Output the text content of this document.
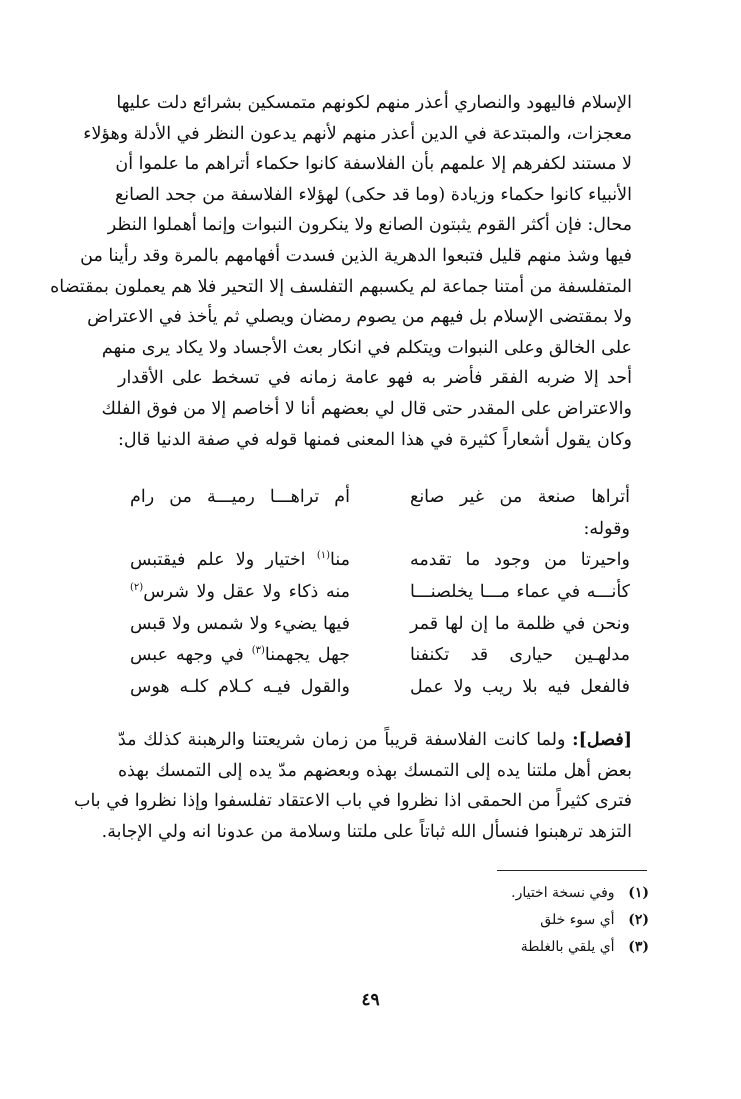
الإسلام فاليهود والنصاري أعذر منهم لكونهم متمسكين بشرائع دلت عليها
معجزات، والمبتدعة في الدين أعذر منهم لأنهم يدعون النظر في الأدلة وهؤلاء
لا مستند لكفرهم إلا علمهم بأن الفلاسفة كانوا حكماء أتراهم ما علموا أن
الأنبياء كانوا حكماء وزيادة (وما قد حكى) لهؤلاء الفلاسفة من جحد الصانع
محال: فإن أكثر القوم يثبتون الصانع ولا ينكرون النبوات وإنما أهملوا النظر
فيها وشذ منهم قليل فتبعوا الدهرية الذين فسدت أفهامهم بالمرة وقد رأينا من
المتفلسفة من أمتنا جماعة لم يكسبهم التفلسف إلا التحير فلا هم يعملون بمقتضاه
ولا بمقتضى الإسلام بل فيهم من يصوم رمضان ويصلي ثم يأخذ في الاعتراض
على الخالق وعلى النبوات ويتكلم في انكار بعث الأجساد ولا يكاد يرى منهم
أحد إلا ضربه الفقر فأضر به فهو عامة زمانه في تسخط على الأقدار
والاعتراض على المقدر حتى قال لي بعضهم أنا لا أخاصم إلا من فوق الفلك
وكان يقول أشعاراً كثيرة في هذا المعنى فمنها قوله في صفة الدنيا قال:
أتراها صنعة من غير صانع
أم تراهـــا رميـــة من رام
وقوله:
واحيرتا من وجود ما تقدمه
منا$^{(١)}$ اختيار ولا علم فيقتبس
كأنـــه في عماء مـــا يخلصنـــا
منه ذكاء ولا عقل ولا شرس$^{(٢)}$
ونحن في ظلمة ما إن لها قمر
فيها يضيء ولا شمس ولا قبس
مدلهـين حيارى قد تكنفنا
جهل يجهمنا$^{(٣)}$ في وجهه عبس
فالفعل فيه بلا ريب ولا عمل
والقول فيـه كـلام كلـه هوس
[فصل]: ولما كانت الفلاسفة قريباً من زمان شريعتنا والرهبنة كذلك مدّ
بعض أهل ملتنا يده إلى التمسك بهذه وبعضهم مدّ يده إلى التمسك بهذه
فترى كثيراً من الحمقى اذا نظروا في باب الاعتقاد تفلسفوا وإذا نظروا في باب
التزهد ترهبنوا فنسأل الله ثباتاً على ملتنا وسلامة من عدونا انه ولي الإجابة.
(١) وفي نسخة اختيار.
(٢) أي سوء خلق
(٣) أي يلقي بالغلطة
٤٩
